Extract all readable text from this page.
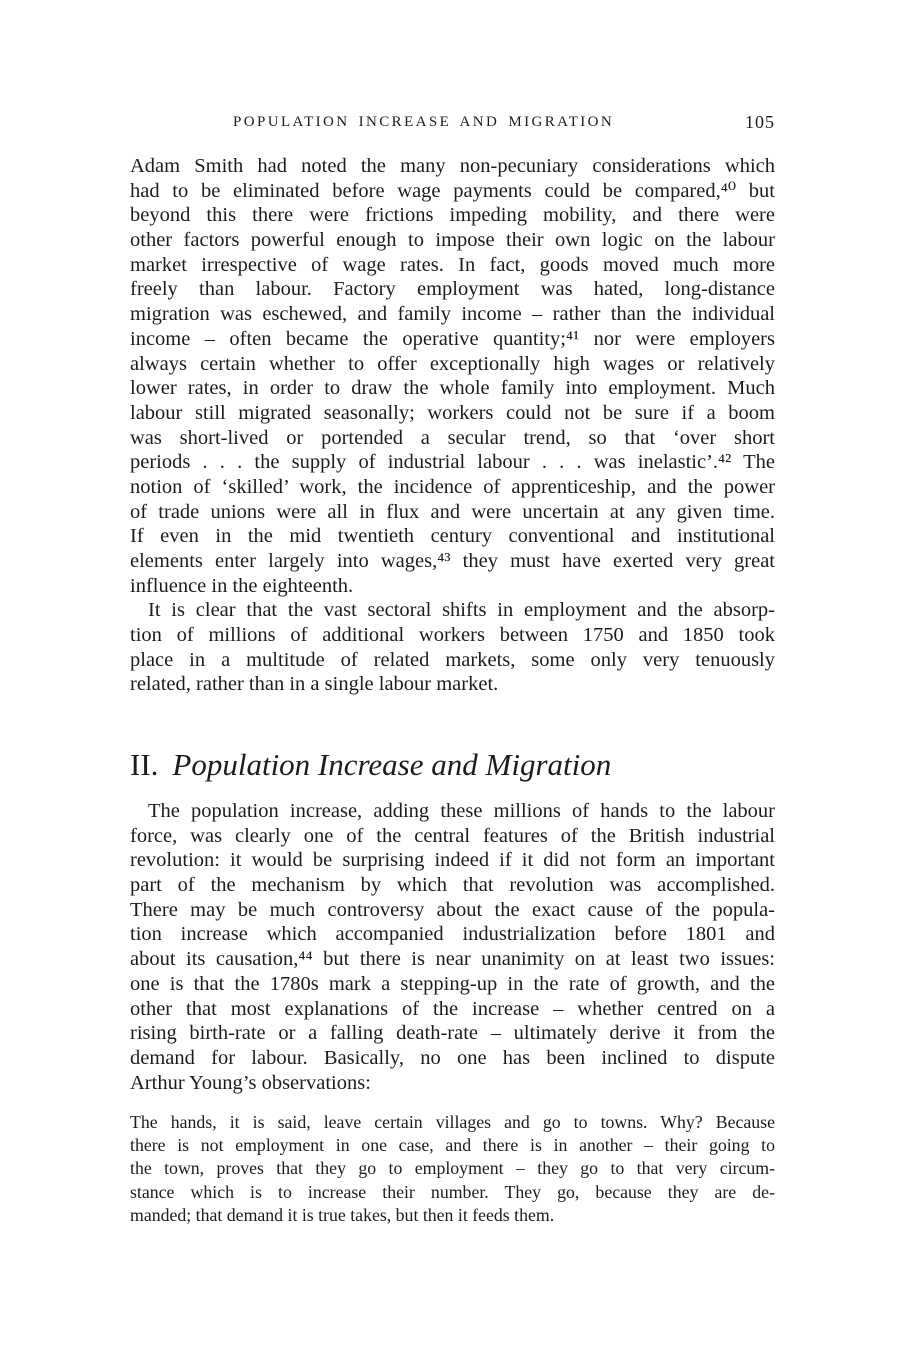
POPULATION INCREASE AND MIGRATION	105
Adam Smith had noted the many non-pecuniary considerations which
had to be eliminated before wage payments could be compared,⁴⁰ but
beyond this there were frictions impeding mobility, and there were
other factors powerful enough to impose their own logic on the labour
market irrespective of wage rates. In fact, goods moved much more
freely than labour. Factory employment was hated, long-distance
migration was eschewed, and family income – rather than the individual
income – often became the operative quantity;⁴¹ nor were employers
always certain whether to offer exceptionally high wages or relatively
lower rates, in order to draw the whole family into employment. Much
labour still migrated seasonally; workers could not be sure if a boom
was short-lived or portended a secular trend, so that ‘over short
periods . . . the supply of industrial labour . . . was inelastic’.⁴² The
notion of ‘skilled’ work, the incidence of apprenticeship, and the power
of trade unions were all in flux and were uncertain at any given time.
If even in the mid twentieth century conventional and institutional
elements enter largely into wages,⁴³ they must have exerted very great
influence in the eighteenth.
It is clear that the vast sectoral shifts in employment and the absorp-
tion of millions of additional workers between 1750 and 1850 took
place in a multitude of related markets, some only very tenuously
related, rather than in a single labour market.
II. Population Increase and Migration
The population increase, adding these millions of hands to the labour
force, was clearly one of the central features of the British industrial
revolution: it would be surprising indeed if it did not form an important
part of the mechanism by which that revolution was accomplished.
There may be much controversy about the exact cause of the popula-
tion increase which accompanied industrialization before 1801 and
about its causation,⁴⁴ but there is near unanimity on at least two issues:
one is that the 1780s mark a stepping-up in the rate of growth, and the
other that most explanations of the increase – whether centred on a
rising birth-rate or a falling death-rate – ultimately derive it from the
demand for labour. Basically, no one has been inclined to dispute
Arthur Young’s observations:
The hands, it is said, leave certain villages and go to towns. Why? Because
there is not employment in one case, and there is in another – their going to
the town, proves that they go to employment – they go to that very circum-
stance which is to increase their number. They go, because they are de-
manded; that demand it is true takes, but then it feeds them.
